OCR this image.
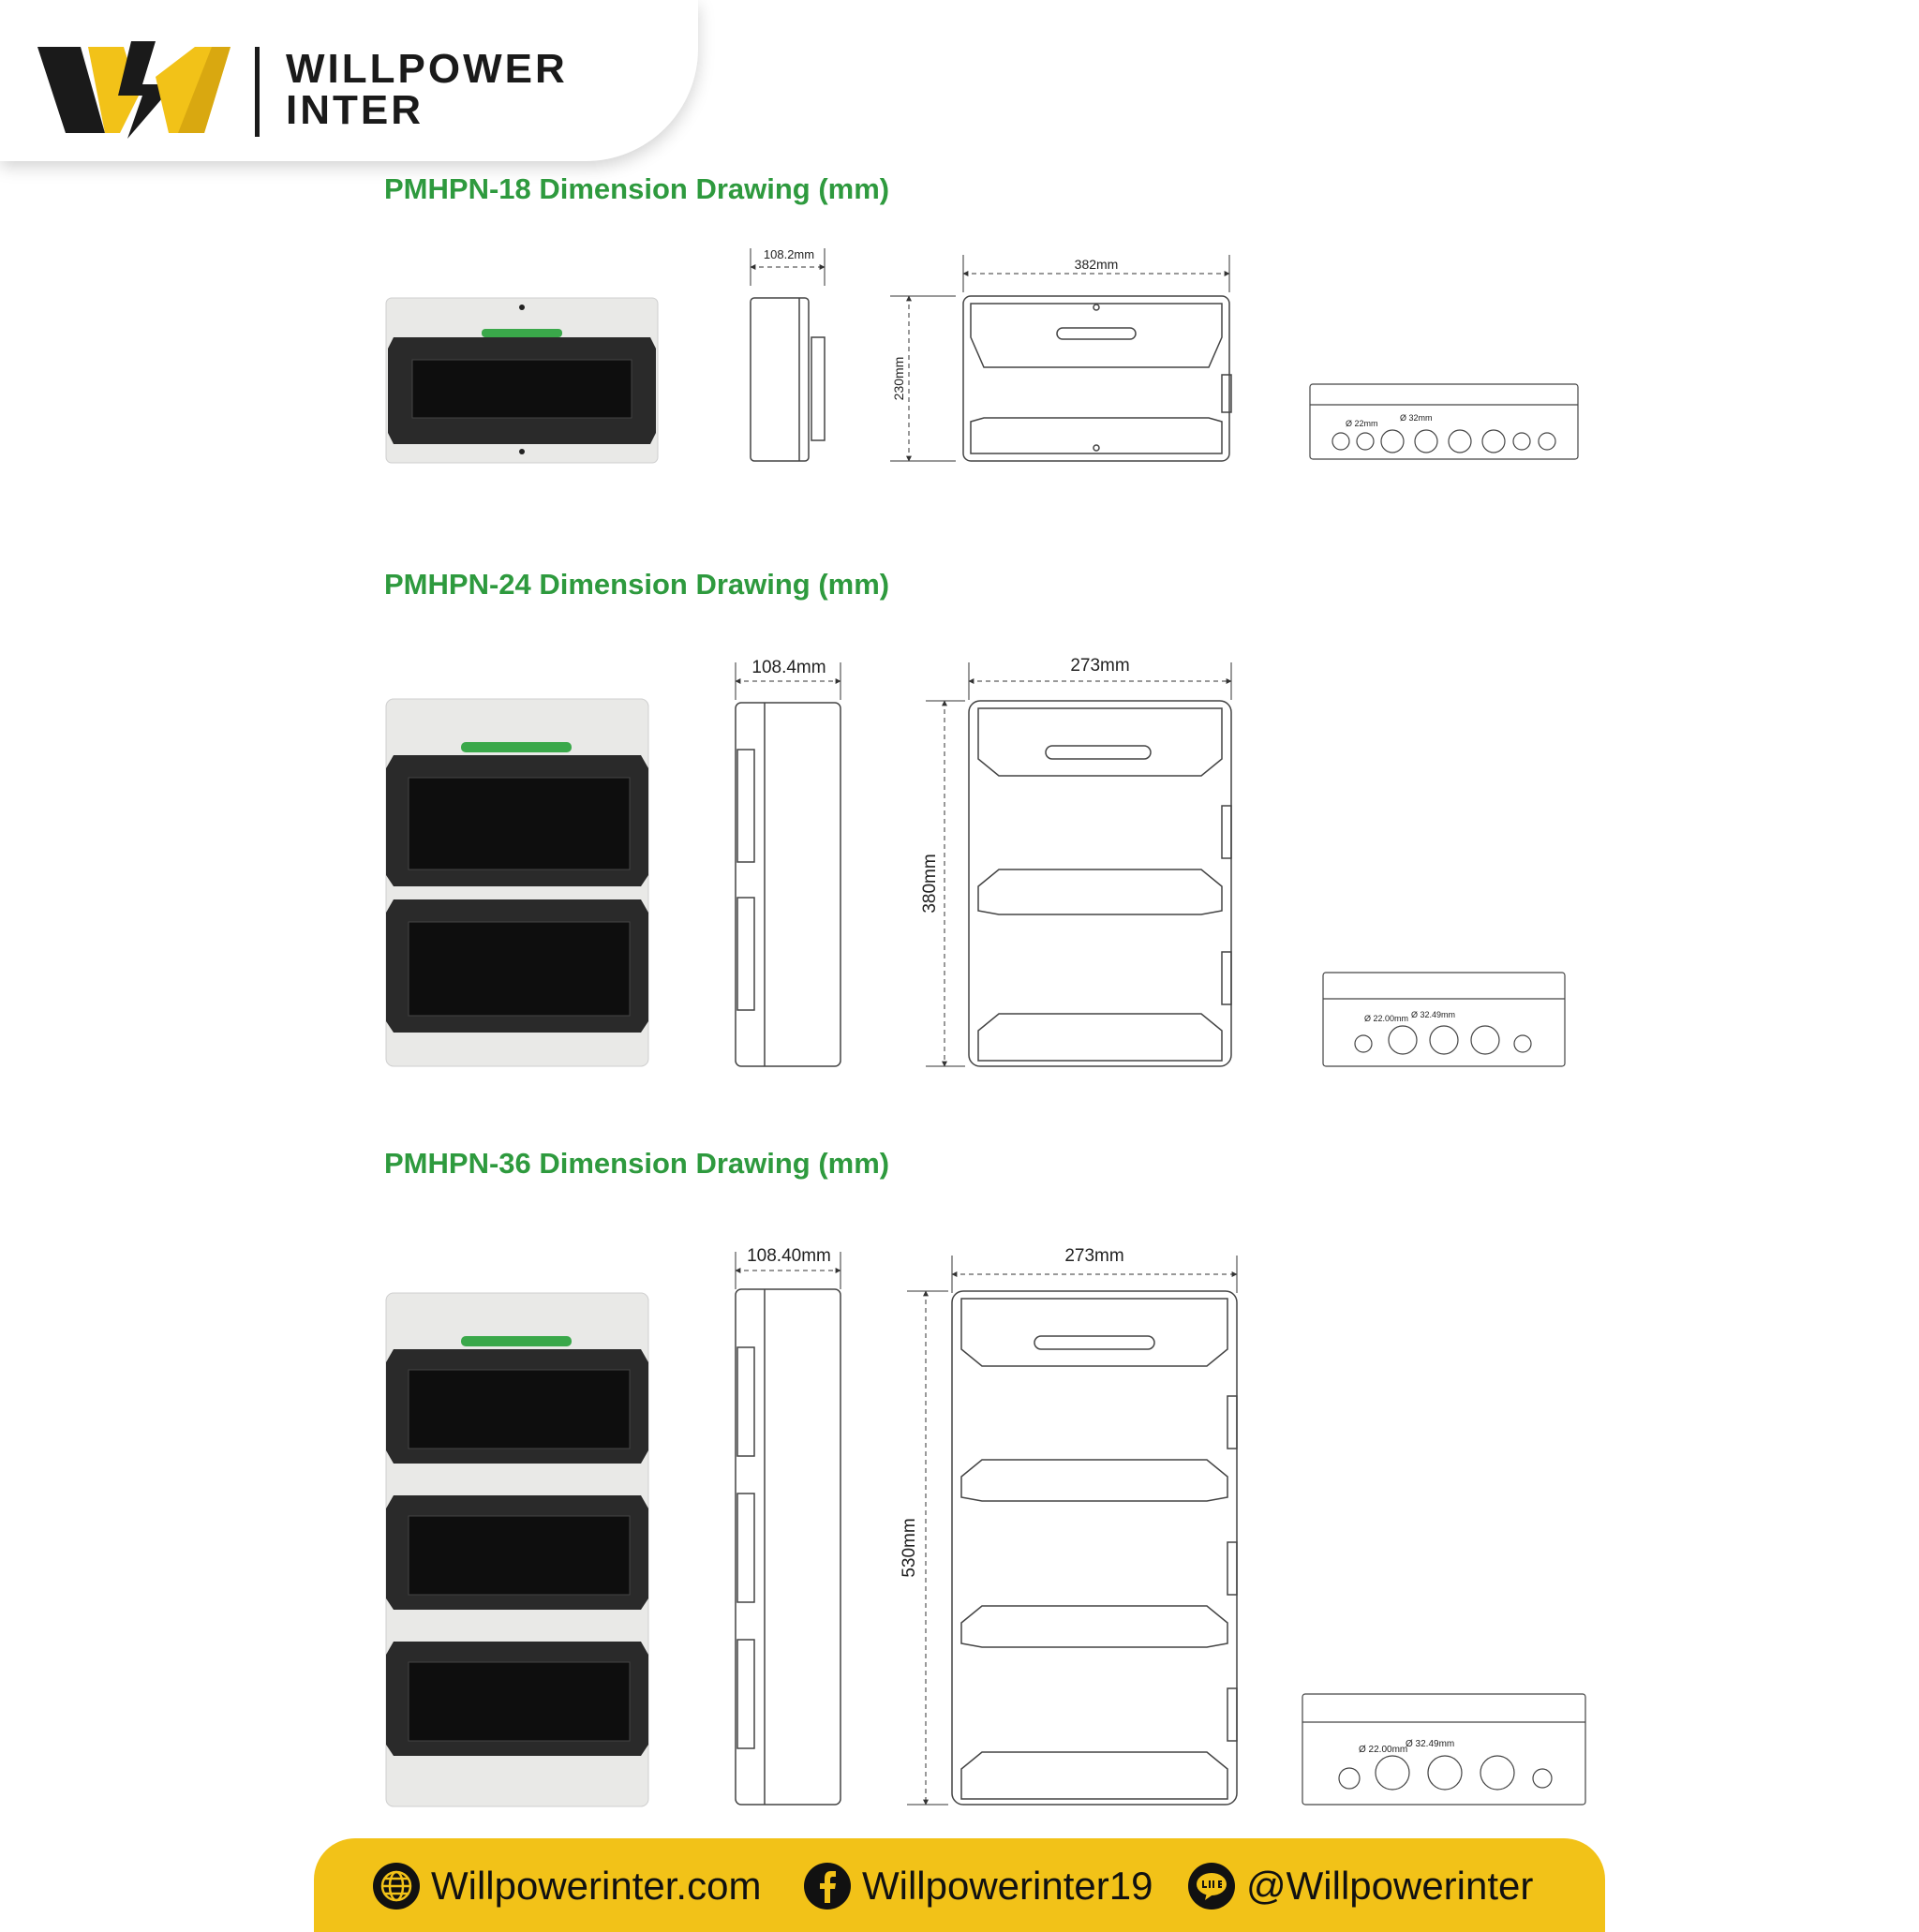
WILLPOWER
INTER
PMHPN-18 Dimension Drawing (mm)
PMHPN-24 Dimension Drawing (mm)
PMHPN-36 Dimension Drawing (mm)
108.2mm
382mm
230mm
Ø 22mm
Ø 32mm
108.4mm	273mm
380mm
Ø 22.00mm Ø 32.49mm
108.40mm	273mm
530mm
Ø 22.00mm
Ø 32.49mm
Willpowerinter.com	Willpowerinter19 @Willpowerinter
